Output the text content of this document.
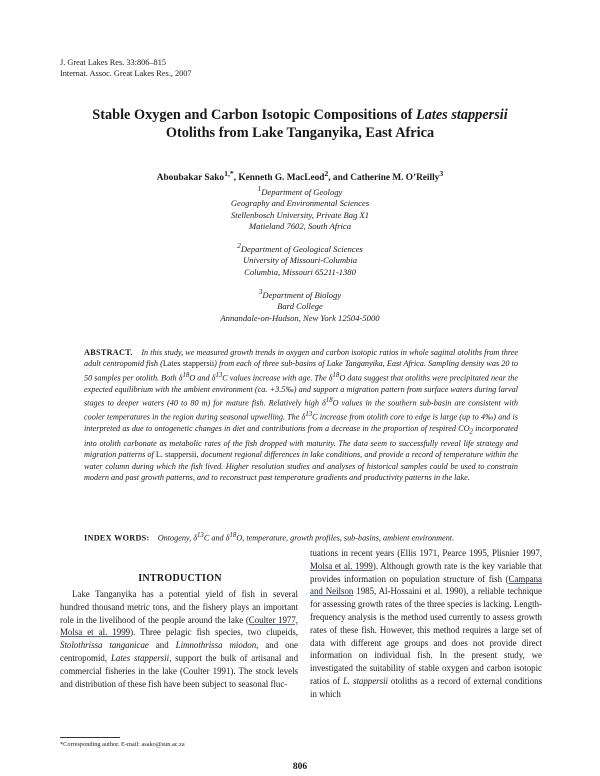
J. Great Lakes Res. 33:806–815
Internat. Assoc. Great Lakes Res., 2007
Stable Oxygen and Carbon Isotopic Compositions of Lates stappersii
Otoliths from Lake Tanganyika, East Africa
Aboubakar Sako$^{1,*}$, Kenneth G. MacLeod$^2$, and Catherine M. O’Reilly$^3$
$^1$Department of Geology
Geography and Environmental Sciences
Stellenbosch University, Private Bag X1
Matieland 7602, South Africa
$^2$Department of Geological Sciences
University of Missouri-Columbia
Columbia, Missouri 65211-1380
$^3$Department of Biology
Bard College
Annandale-on-Hudson, New York 12504-5000

ABSTRACT. In this study, we measured growth trends in oxygen and carbon isotopic ratios in whole sagittal otoliths from three adult centropomid fish (Lates stappersii) from each of three sub-basins of Lake Tanganyika, East Africa. Sampling density was 20 to 50 samples per otolith. Both $\delta^{18}O$ and $\delta^{13}C$ values increase with age. The $\delta^{18}O$ data suggest that otoliths were precipitated near the expected equilibrium with the ambient environment (ca. +3.5‰) and support a migration pattern from surface waters during larval stages to deeper waters (40 to 80 m) for mature fish. Relatively high $\delta^{18}O$ values in the southern sub-basin are consistent with cooler temperatures in the region during seasonal upwelling. The $\delta^{13}C$ increase from otolith core to edge is large (up to 4‰) and is interpreted as due to ontogenetic changes in diet and contributions from a decrease in the proportion of respired $CO_2$ incorporated into otolith carbonate as metabolic rates of the fish dropped with maturity. The data seem to successfully reveal life strategy and migration patterns of L. stappersii, document regional differences in lake conditions, and provide a record of temperature within the water column during which the fish lived. Higher resolution studies and analyses of historical samples could be used to constrain modern and past growth patterns, and to reconstruct past temperature gradients and productivity patterns in the lake.

INDEX WORDS: Ontogeny, $\delta^{13}C$ and $\delta^{18}O$, temperature, growth profiles, sub-basins, ambient environment.

INTRODUCTION

Lake Tanganyika has a potential yield of fish in several hundred thousand metric tons, and the fishery plays an important role in the livelihood of the people around the lake (Coulter 1977, Molsa et al. 1999). Three pelagic fish species, two clupeids, Stolothrissa tanganicae and Limnothrissa miodon, and one centropomid, Lates stappersii, support the bulk of artisanal and commercial fisheries in the lake (Coulter 1991). The stock levels and distribution of these fish have been subject to seasonal fluc-

tuations in recent years (Ellis 1971, Pearce 1995, Plisnier 1997, Molsa et al. 1999). Although growth rate is the key variable that provides information on population structure of fish (Campana and Neilson 1985, Al-Hossaini et al. 1990), a reliable technique for assessing growth rates of the three species is lacking. Length-frequency analysis is the method used currently to assess growth rates of these fish. However, this method requires a large set of data with different age groups and does not provide direct information on individual fish. In the present study, we investigated the suitability of stable oxygen and carbon isotopic ratios of L. stappersii otoliths as a record of external conditions in which

*Corresponding author. E-mail: asako@sun.ac.za
806
